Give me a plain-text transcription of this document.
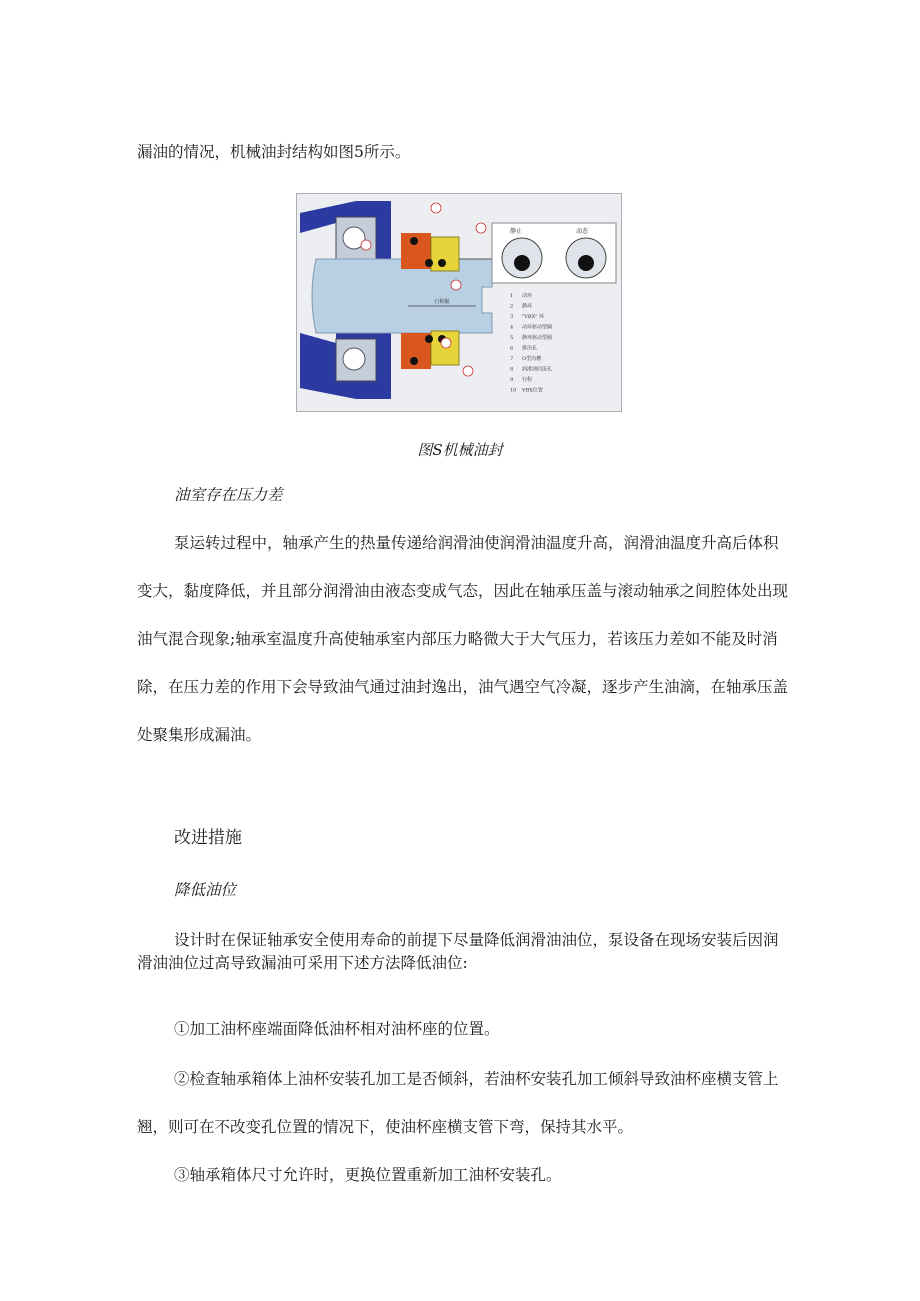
漏油的情况，机械油封结构如图5所示。
行程幅
静止	动态
1 动环
2 静环
3 "VBX" 环
4 动环驱动型圈
5 静环驱动型圈
6 排出孔
7 O型沟槽
8 润滑油回流孔
9 行程
10 VBX位置
图S机械油封
油室存在压力差
泵运转过程中，轴承产生的热量传递给润滑油使润滑油温度升高，润滑油温度升高后体积
变大，黏度降低，并且部分润滑油由液态变成气态，因此在轴承压盖与滚动轴承之间腔体处出现
油气混合现象;轴承室温度升高使轴承室内部压力略微大于大气压力，若该压力差如不能及时消
除，在压力差的作用下会导致油气通过油封逸出，油气遇空气冷凝，逐步产生油滴，在轴承压盖
处聚集形成漏油。
改进措施
降低油位
设计时在保证轴承安全使用寿命的前提下尽量降低润滑油油位，泵设备在现场安装后因润
滑油油位过高导致漏油可采用下述方法降低油位:
①加工油杯座端面降低油杯相对油杯座的位置。
②检查轴承箱体上油杯安装孔加工是否倾斜，若油杯安装孔加工倾斜导致油杯座横支管上
翘，则可在不改变孔位置的情况下，使油杯座横支管下弯，保持其水平。
③轴承箱体尺寸允许时，更换位置重新加工油杯安装孔。
